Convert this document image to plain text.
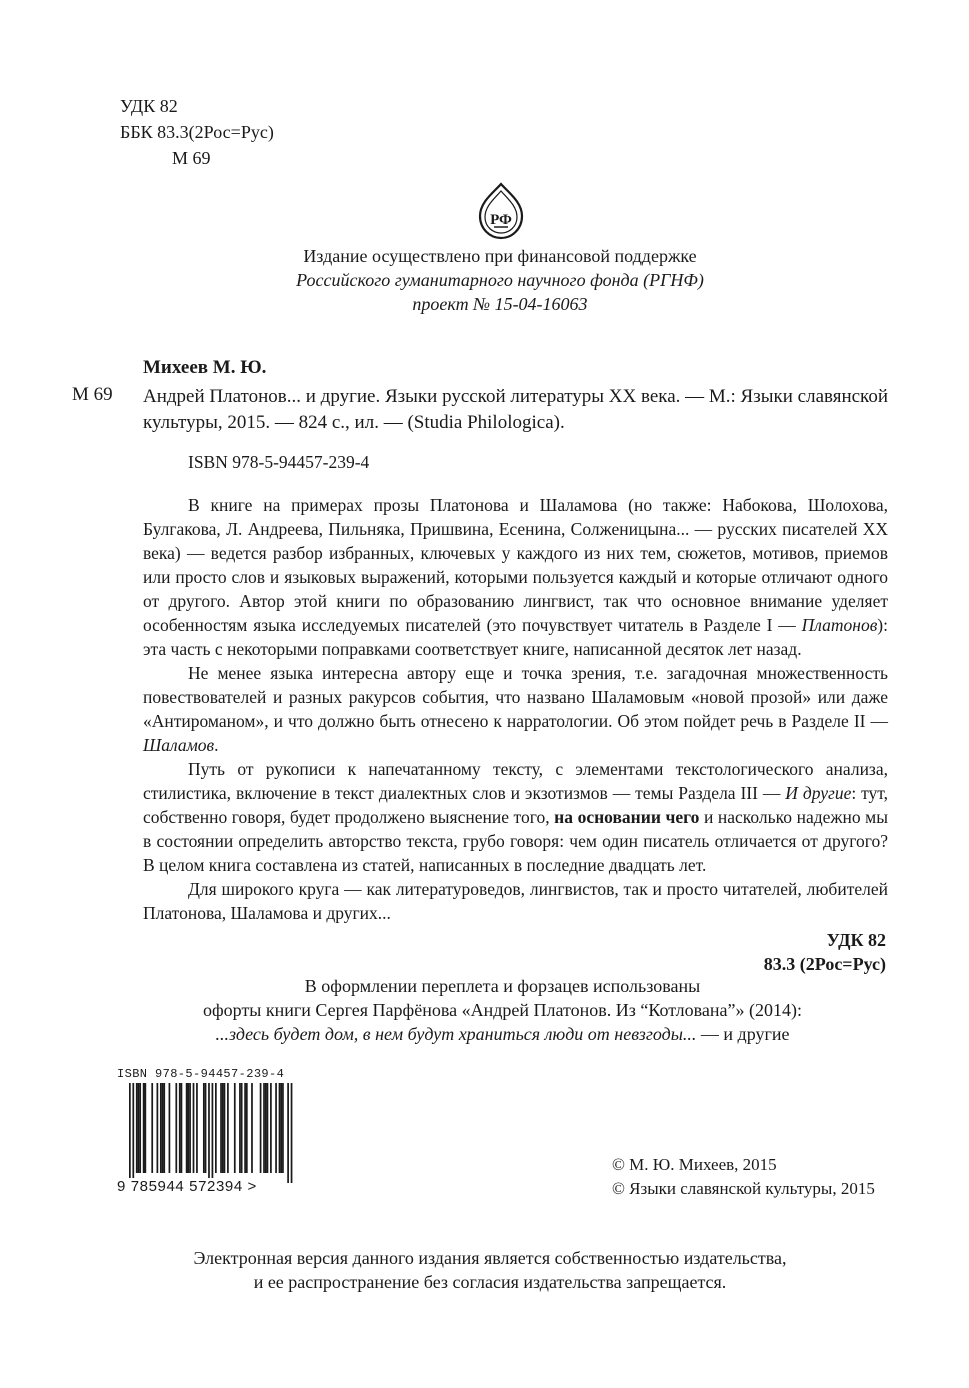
УДК 82
ББК 83.3(2Рос=Рус)
М 69
РФ
Издание осуществлено при финансовой поддержке
Российского гуманитарного научного фонда (РГНФ)
проект № 15-04-16063
Михеев М. Ю.
М 69 Андрей Платонов... и другие. Языки русской литературы XX века. — М.: Языки славянской культуры, 2015. — 824 с., ил. — (Studia Philologica).
ISBN 978-5-94457-239-4

В книге на примерах прозы Платонова и Шаламова (но также: Набокова, Шолохова, Булгакова, Л. Андреева, Пильняка, Пришвина, Есенина, Солженицына... — русских писателей XX века) — ведется разбор избранных, ключевых у каждого из них тем, сюжетов, мотивов, приемов или просто слов и языковых выражений, которыми пользуется каждый и которые отличают одного от другого. Автор этой книги по образованию лингвист, так что основное внимание уделяет особенностям языка исследуемых писателей (это почувствует читатель в Разделе I — Платонов): эта часть с некоторыми поправками соответствует книге, написанной десяток лет назад.

Не менее языка интересна автору еще и точка зрения, т.е. загадочная множественность повествователей и разных ракурсов события, что названо Шаламовым «новой прозой» или даже «Антироманом», и что должно быть отнесено к нарратологии. Об этом пойдет речь в Разделе II — Шаламов.

Путь от рукописи к напечатанному тексту, с элементами текстологического анализа, стилистика, включение в текст диалектных слов и экзотизмов — темы Раздела III — И другие: тут, собственно говоря, будет продолжено выяснение того, на основании чего и насколько надежно мы в состоянии определить авторство текста, грубо говоря: чем один писатель отличается от другого? В целом книга составлена из статей, написанных в последние двадцать лет.

Для широкого круга — как литературоведов, лингвистов, так и просто читателей, любителей Платонова, Шаламова и других...

УДК 82
83.3 (2Рос=Рус)
В оформлении переплета и форзацев использованы
офорты книги Сергея Парфёнова «Андрей Платонов. Из “Котлована”» (2014):
...здесь будет дом, в нем будут храниться люди от невзгоды... — и другие
ISBN 978-5-94457-239-4
9 785944 572394 >
© М. Ю. Михеев, 2015
© Языки славянской культуры, 2015
Электронная версия данного издания является собственностью издательства,
и ее распространение без согласия издательства запрещается.
